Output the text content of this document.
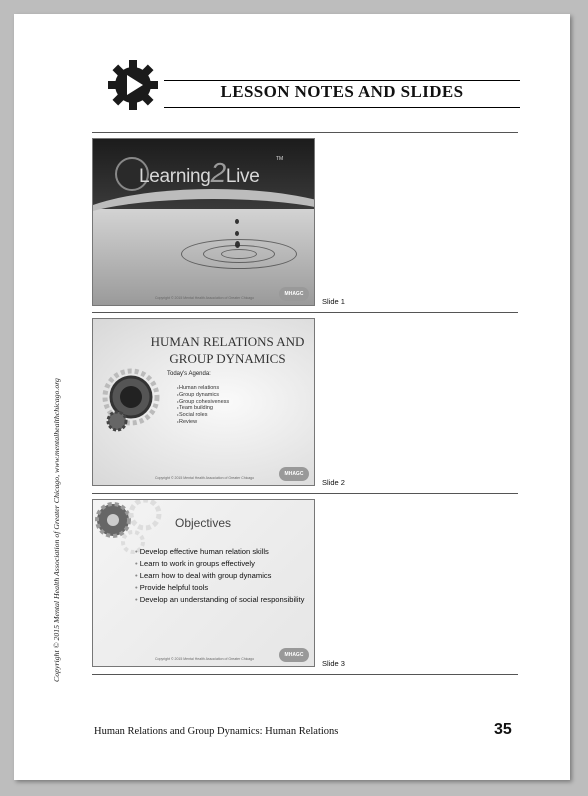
LESSON NOTES AND SLIDES
Learning2Live
TM
Copyright © 2015 Mental Health Association of Greater Chicago
MHAGC
Slide 1
HUMAN RELATIONS AND
GROUP DYNAMICS
Today's Agenda:
▸ Human relations
▸ Group dynamics
▸ Group cohesiveness
▸ Team building
▸ Social roles
▸ Review
Copyright © 2015 Mental Health Association of Greater Chicago
MHAGC
Slide 2
Objectives
• Develop effective human relation skills
• Learn to work in groups effectively
• Learn how to deal with group dynamics
• Provide helpful tools
• Develop an understanding of social responsibility
Copyright © 2015 Mental Health Association of Greater Chicago
MHAGC
Slide 3
Copyright © 2015 Mental Health Association of Greater Chicago, www.mentalhealthchicago.org
Human Relations and Group Dynamics: Human Relations	35
